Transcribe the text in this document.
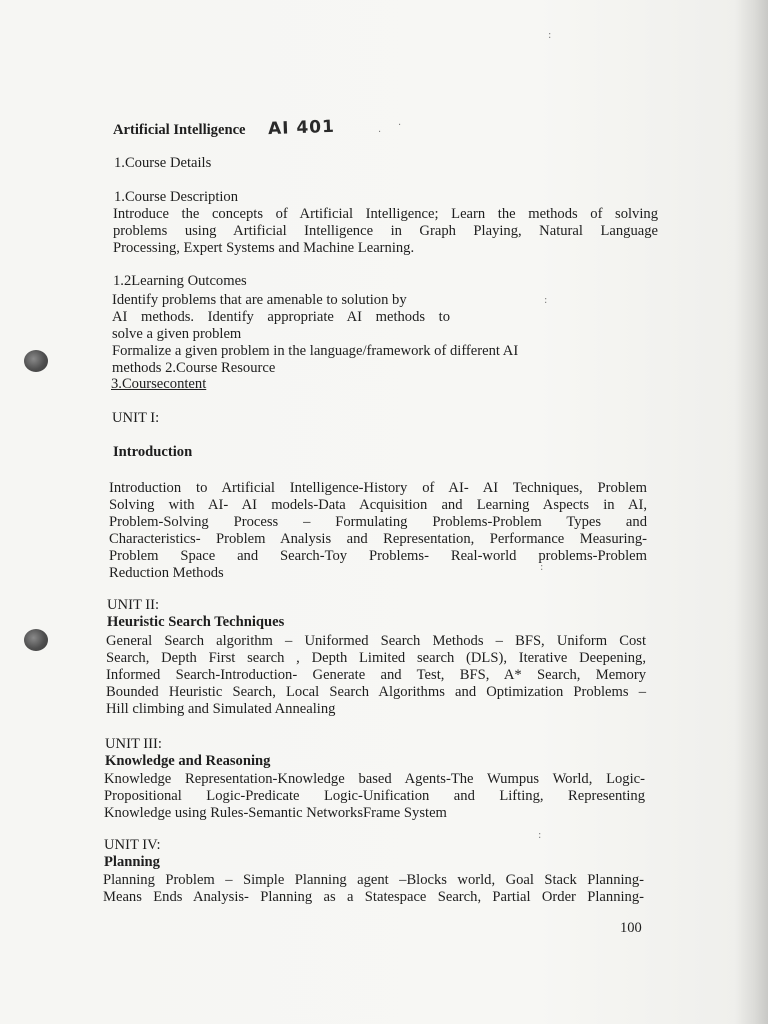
:
. ·
:
:
:
Artificial Intelligence AI 401
1.Course Details
1.Course Description
Introduce the concepts of Artificial Intelligence; Learn the methods of solving
problems using Artificial Intelligence in Graph Playing, Natural Language
Processing, Expert Systems and Machine Learning.
1.2Learning Outcomes
Identify problems that are amenable to solution by
AI methods. Identify appropriate AI methods to
solve a given problem
Formalize a given problem in the language/framework of different AI
methods 2.Course Resource
3.Coursecontent
UNIT I:
Introduction
Introduction to Artificial Intelligence-History of AI- AI Techniques, Problem
Solving with AI- AI models-Data Acquisition and Learning Aspects in AI,
Problem-Solving Process – Formulating Problems-Problem Types and
Characteristics- Problem Analysis and Representation, Performance Measuring-
Problem Space and Search-Toy Problems- Real-world problems-Problem
Reduction Methods
UNIT II:
Heuristic Search Techniques
General Search algorithm – Uniformed Search Methods – BFS, Uniform Cost
Search, Depth First search , Depth Limited search (DLS), Iterative Deepening,
Informed Search-Introduction- Generate and Test, BFS, A* Search, Memory
Bounded Heuristic Search, Local Search Algorithms and Optimization Problems –
Hill climbing and Simulated Annealing
UNIT III:
Knowledge and Reasoning
Knowledge Representation-Knowledge based Agents-The Wumpus World, Logic-
Propositional Logic-Predicate Logic-Unification and Lifting, Representing
Knowledge using Rules-Semantic NetworksFrame System
UNIT IV:
Planning
Planning Problem – Simple Planning agent –Blocks world, Goal Stack Planning-
Means Ends Analysis- Planning as a Statespace Search, Partial Order Planning-
100
